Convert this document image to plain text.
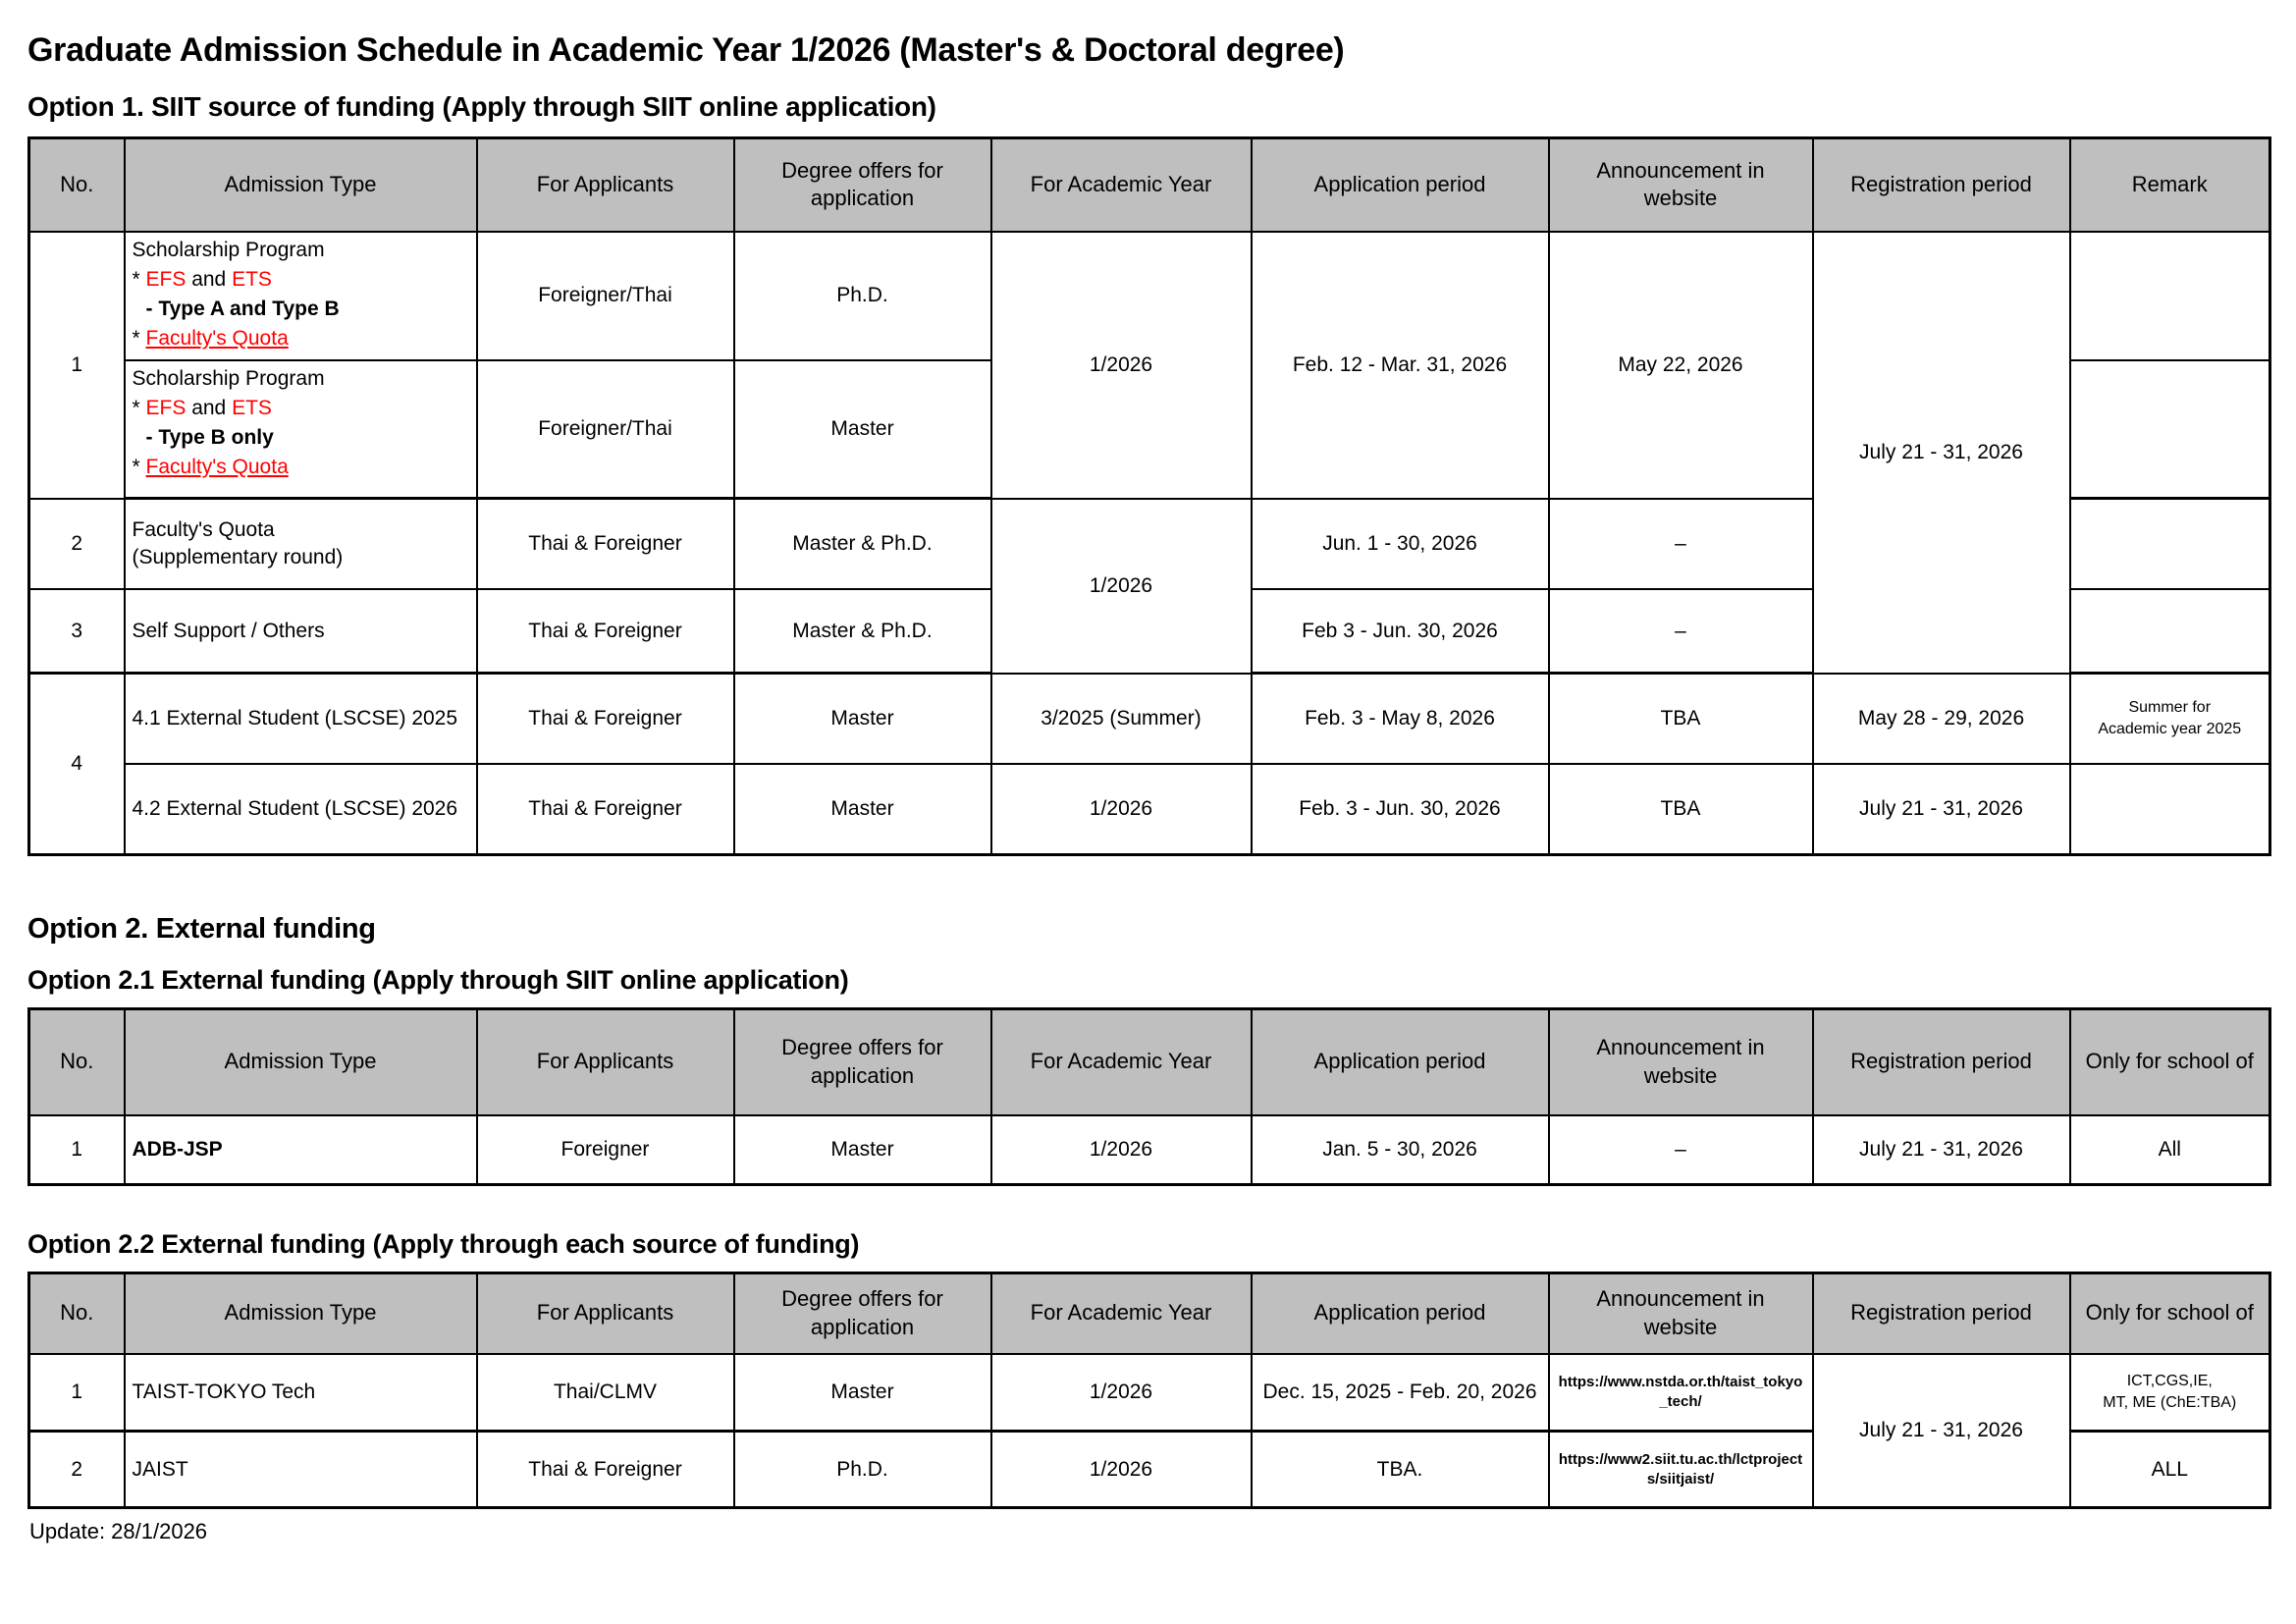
Graduate Admission Schedule in Academic Year 1/2026 (Master's & Doctoral degree)
Option 1. SIIT source of funding (Apply through SIIT online application)
No.	Admission Type	For Applicants	Degree offers for application	For Academic Year	Application period	Announcement in website	Registration period	Remark
1	Scholarship Program
* EFS and ETS
- Type A and Type B
* Faculty's Quota	Foreigner/Thai	Ph.D.	1/2026	Feb. 12 - Mar. 31, 2026	May 22, 2026	July 21 - 31, 2026	

	Scholarship Program
* EFS and ETS
- Type B only
* Faculty's Quota	Foreigner/Thai	Master					
2	Faculty's Quota
(Supplementary round)	Thai & Foreigner	Master & Ph.D.	1/2026	Jun. 1 - 30, 2026	–		
3	Self Support / Others	Thai & Foreigner	Master & Ph.D.		Feb 3 - Jun. 30, 2026	–		
4	4.1 External Student (LSCSE) 2025	Thai & Foreigner	Master	3/2025 (Summer)	Feb. 3 - May 8, 2026	TBA	May 28 - 29, 2026	Summer for
Academic year 2025

	4.2 External Student (LSCSE) 2026	Thai & Foreigner	Master	1/2026	Feb. 3 - Jun. 30, 2026	TBA	July 21 - 31, 2026	
Option 2. External funding
Option 2.1 External funding (Apply through SIIT online application)
No.	Admission Type	For Applicants	Degree offers for application	For Academic Year	Application period	Announcement in website	Registration period	Only for school of
1	ADB-JSP	Foreigner	Master	1/2026	Jan. 5 - 30, 2026	–	July 21 - 31, 2026	All
Option 2.2 External funding (Apply through each source of funding)
No.	Admission Type	For Applicants	Degree offers for application	For Academic Year	Application period	Announcement in website	Registration period	Only for school of
1	TAIST-TOKYO Tech	Thai/CLMV	Master	1/2026	Dec. 15, 2025 - Feb. 20, 2026	https://www.nstda.or.th/taist_tokyo_tech/	July 21 - 31, 2026	ICT,CGS,IE,
MT, ME (ChE:TBA)

2	JAIST	Thai & Foreigner	Ph.D.	1/2026	TBA.	https://www2.siit.tu.ac.th/lctprojects/siitjaist/		ALL
Update: 28/1/2026
